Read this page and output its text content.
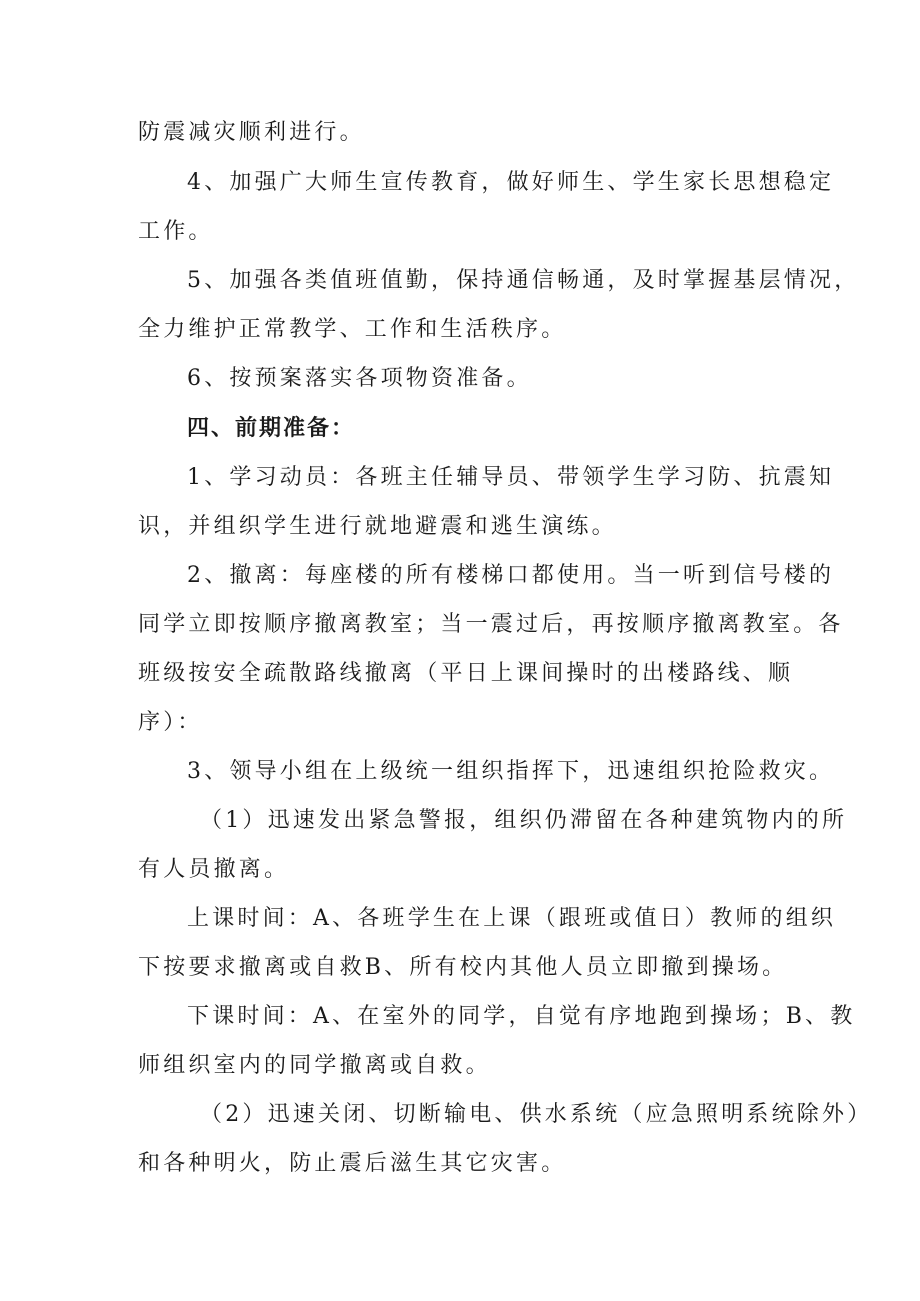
防震减灾顺利进行。
4、加强广大师生宣传教育，做好师生、学生家长思想稳定
工作。
5、加强各类值班值勤，保持通信畅通，及时掌握基层情况，
全力维护正常教学、工作和生活秩序。
6、按预案落实各项物资准备。
四、前期准备：
1、学习动员：各班主任辅导员、带领学生学习防、抗震知
识，并组织学生进行就地避震和逃生演练。
2、撤离：每座楼的所有楼梯口都使用。当一听到信号楼的
同学立即按顺序撤离教室；当一震过后，再按顺序撤离教室。各
班级按安全疏散路线撤离（平日上课间操时的出楼路线、顺
序）：
3、领导小组在上级统一组织指挥下，迅速组织抢险救灾。
（1）迅速发出紧急警报，组织仍滞留在各种建筑物内的所
有人员撤离。
上课时间：A、各班学生在上课（跟班或值日）教师的组织
下按要求撤离或自救B、所有校内其他人员立即撤到操场。
下课时间：A、在室外的同学，自觉有序地跑到操场；B、教
师组织室内的同学撤离或自救。
（2）迅速关闭、切断输电、供水系统（应急照明系统除外）
和各种明火，防止震后滋生其它灾害。
